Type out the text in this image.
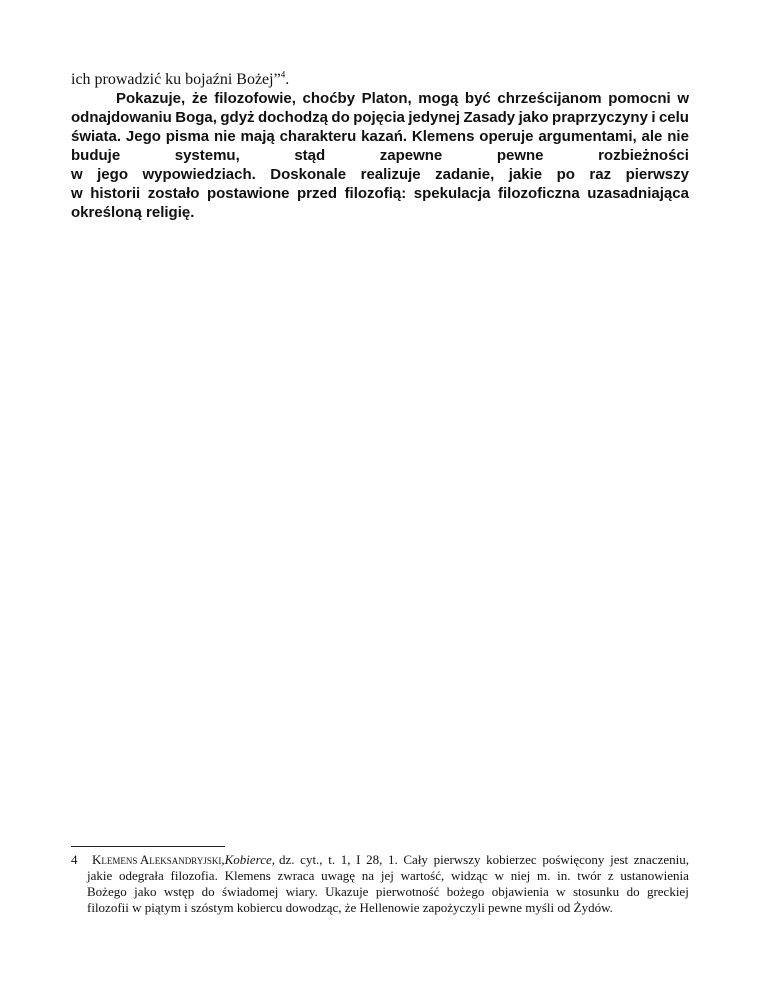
ich prowadzić ku bojaźni Bożej”$^4$.
Pokazuje, że filozofowie, choćby Platon, mogą być chrześcijanom pomocni w
odnajdowaniu Boga, gdyż dochodzą do pojęcia jedynej Zasady jako praprzyczyny i celu
świata. Jego pisma nie mają charakteru kazań. Klemens operuje argumentami, ale nie
buduje	systemu,	stąd	zapewne	pewne	rozbieżności
w jego wypowiedziach. Doskonale realizuje zadanie, jakie po raz pierwszy
w historii zostało postawione przed filozofią: spekulacja filozoficzna uzasadniająca
określoną religię.
4 Klemens Aleksandryjski, Kobierce, dz. cyt., t. 1, I 28, 1. Cały pierwszy kobierzec poświęcony jest znaczeniu,
jakie odegrała filozofia. Klemens zwraca uwagę na jej wartość, widząc w niej m. in. twór z ustanowienia
Bożego jako wstęp do świadomej wiary. Ukazuje pierwotność bożego objawienia w stosunku do greckiej
filozofii w piątym i szóstym kobiercu dowodząc, że Hellenowie zapożyczyli pewne myśli od Żydów.
